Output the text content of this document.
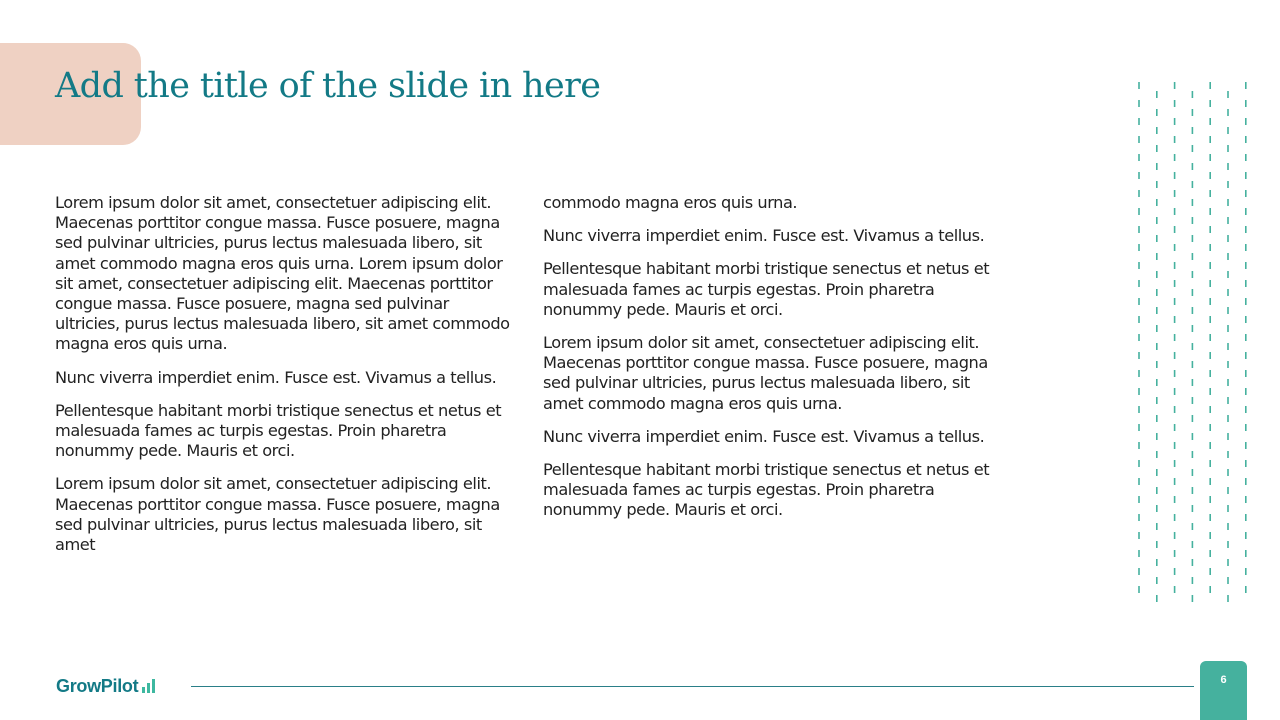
Add the title of the slide in here

Lorem ipsum dolor sit amet, consectetuer adipiscing elit. Maecenas porttitor congue massa. Fusce posuere, magna sed pulvinar ultricies, purus lectus malesuada libero, sit amet commodo magna eros quis urna. Lorem ipsum dolor sit amet, consectetuer adipiscing elit. Maecenas porttitor congue massa. Fusce posuere, magna sed pulvinar ultricies, purus lectus malesuada libero, sit amet commodo magna eros quis urna.

Nunc viverra imperdiet enim. Fusce est. Vivamus a tellus.

Pellentesque habitant morbi tristique senectus et netus et malesuada fames ac turpis egestas. Proin pharetra nonummy pede. Mauris et orci.

Lorem ipsum dolor sit amet, consectetuer adipiscing elit. Maecenas porttitor congue massa. Fusce posuere, magna sed pulvinar ultricies, purus lectus malesuada libero, sit amet

commodo magna eros quis urna.

Nunc viverra imperdiet enim. Fusce est. Vivamus a tellus.

Pellentesque habitant morbi tristique senectus et netus et malesuada fames ac turpis egestas. Proin pharetra nonummy pede. Mauris et orci.

Lorem ipsum dolor sit amet, consectetuer adipiscing elit. Maecenas porttitor congue massa. Fusce posuere, magna sed pulvinar ultricies, purus lectus malesuada libero, sit amet commodo magna eros quis urna.

Nunc viverra imperdiet enim. Fusce est. Vivamus a tellus.

Pellentesque habitant morbi tristique senectus et netus et malesuada fames ac turpis egestas. Proin pharetra nonummy pede. Mauris et orci.

GrowPilot	6
